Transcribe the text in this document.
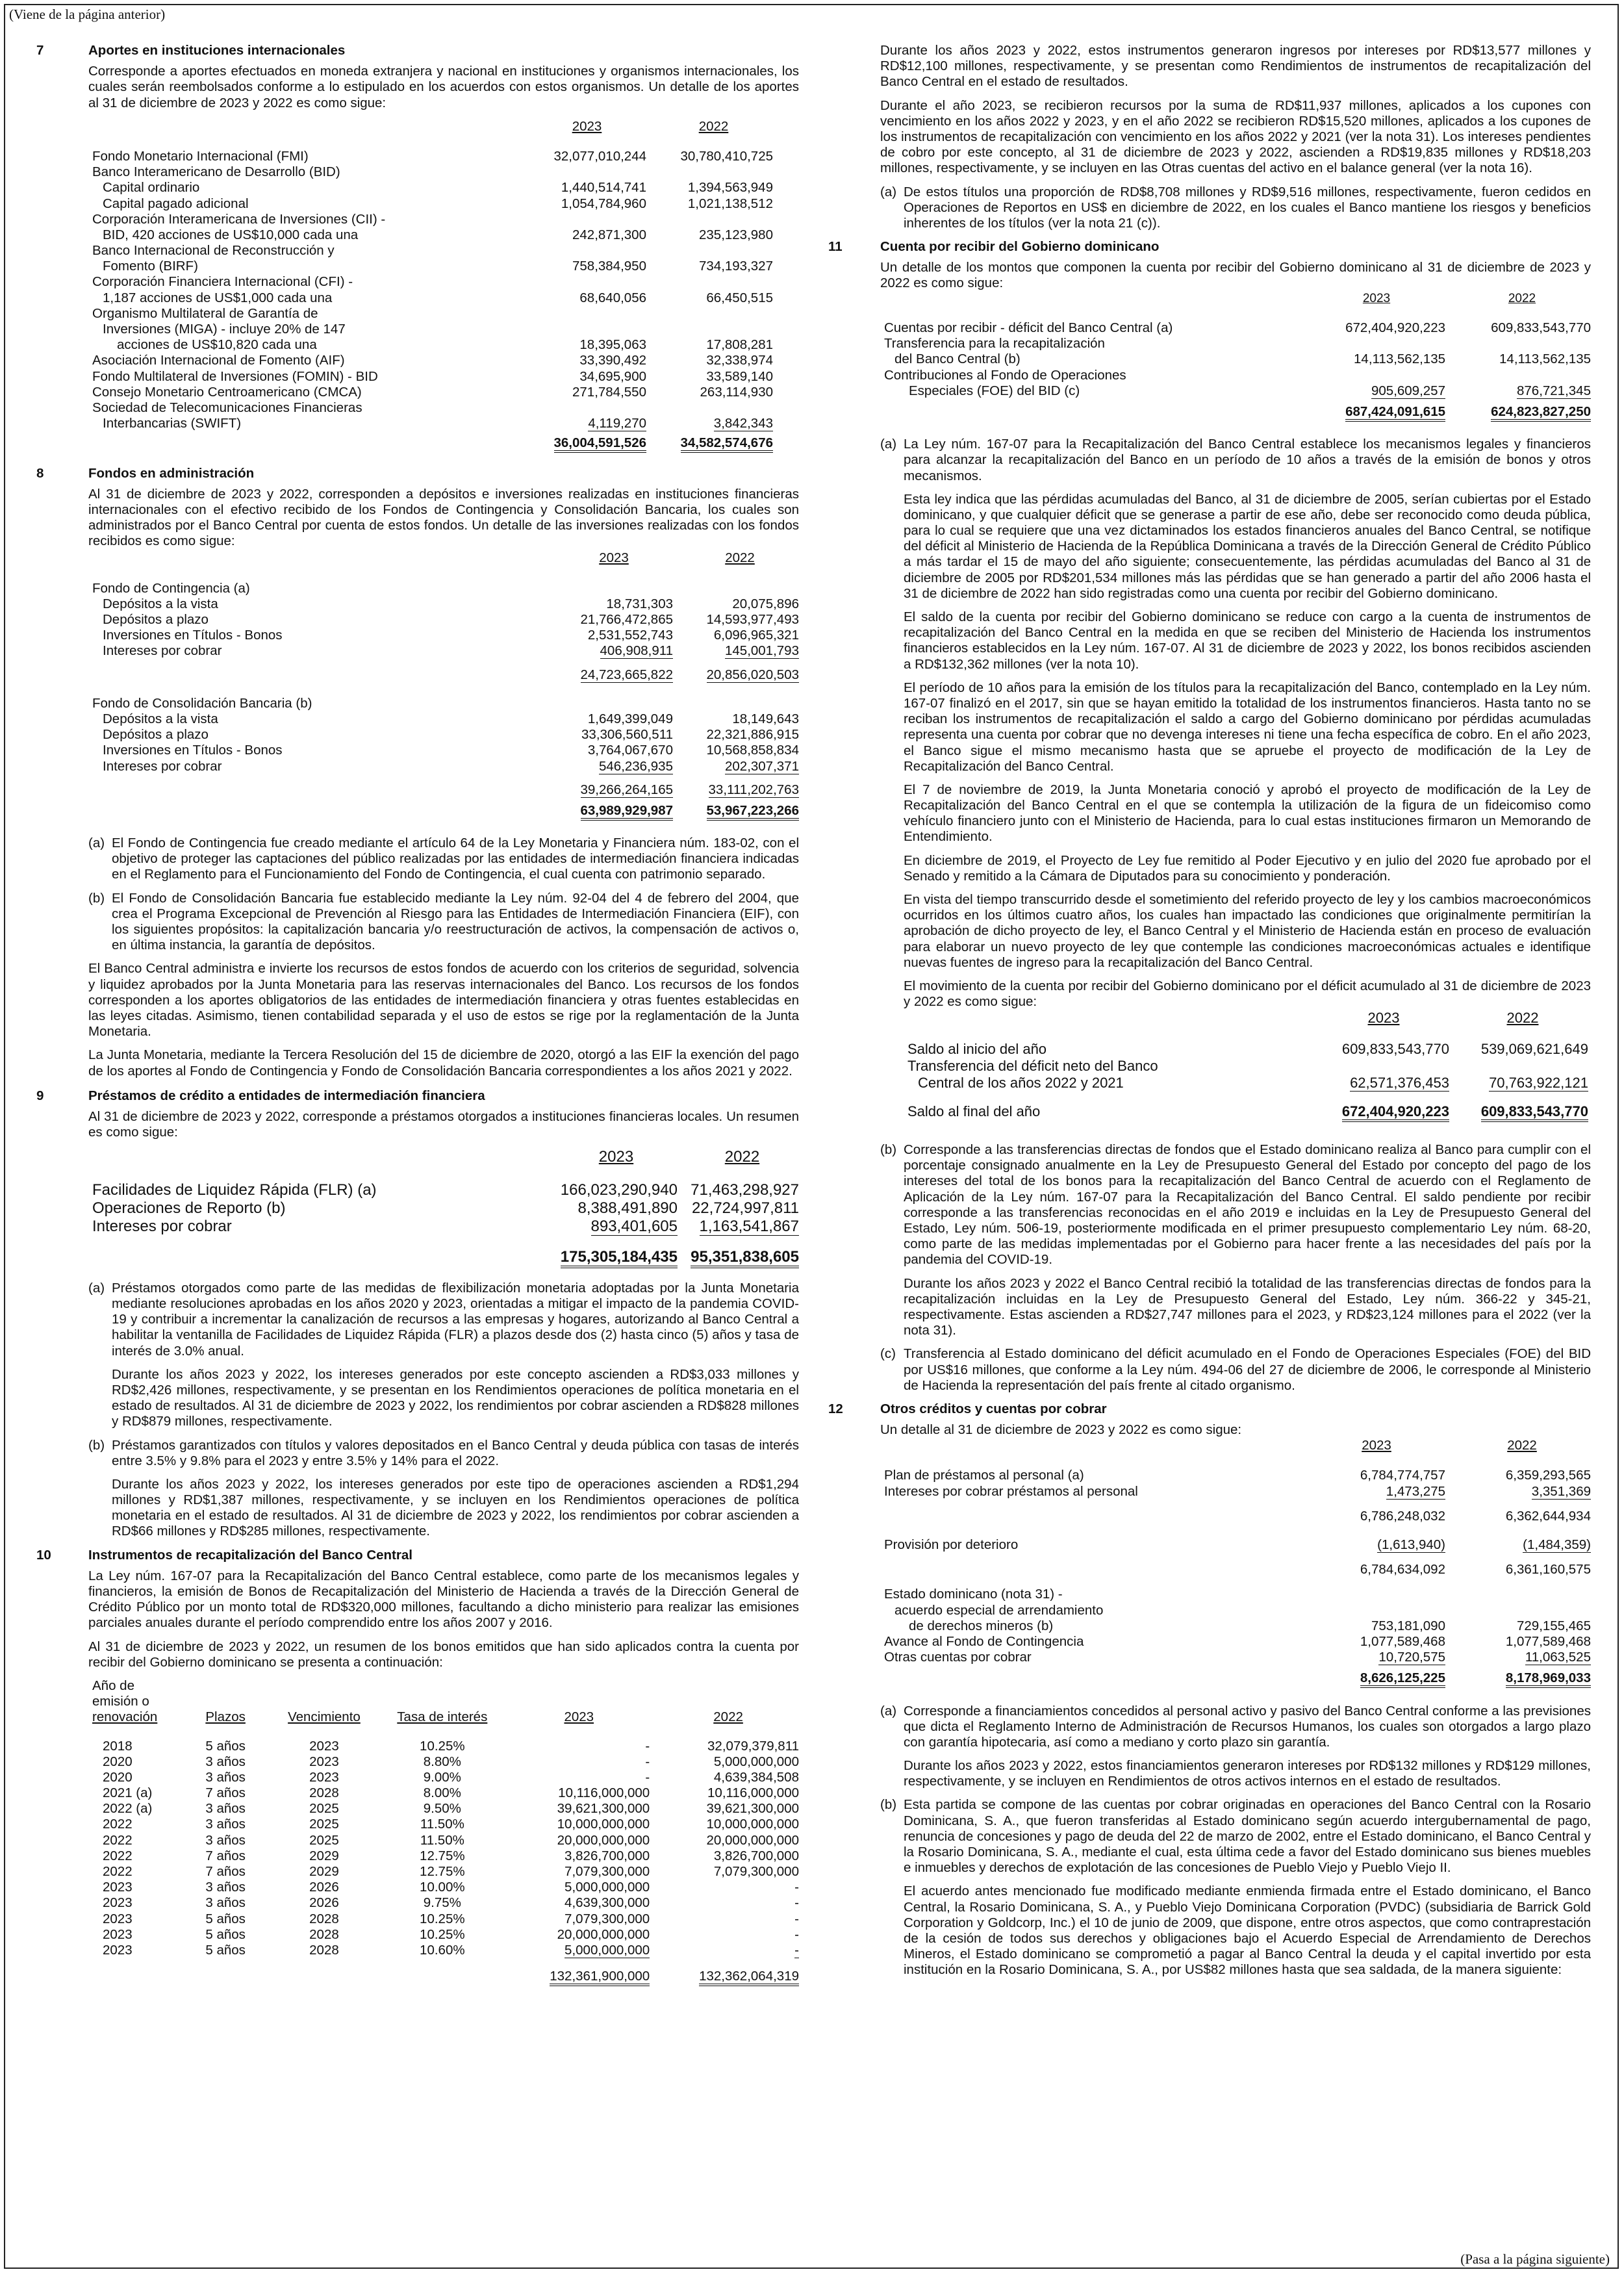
(Viene de la página anterior)
7	Aportes en instituciones internacionales

Corresponde a aportes efectuados en moneda extranjera y nacional en instituciones y organismos internacionales, los cuales serán reembolsados conforme a lo estipulado en los acuerdos con estos organismos. Un detalle de los aportes al 31 de diciembre de 2023 y 2022 es como sigue:

	2023	2022
Fondo Monetario Internacional (FMI)	32,077,010,244	30,780,410,725
Banco Interamericano de Desarrollo (BID)		
Capital ordinario	1,440,514,741	1,394,563,949
Capital pagado adicional	1,054,784,960	1,021,138,512
Corporación Interamericana de Inversiones (CII) -		
BID, 420 acciones de US$10,000 cada una	242,871,300	235,123,980
Banco Internacional de Reconstrucción y		
Fomento (BIRF)	758,384,950	734,193,327
Corporación Financiera Internacional (CFI) -		
1,187 acciones de US$1,000 cada una	68,640,056	66,450,515
Organismo Multilateral de Garantía de		
Inversiones (MIGA) - incluye 20% de 147		
acciones de US$10,820 cada una	18,395,063	17,808,281
Asociación Internacional de Fomento (AIF)	33,390,492	32,338,974
Fondo Multilateral de Inversiones (FOMIN) - BID	34,695,900	33,589,140
Consejo Monetario Centroamericano (CMCA)	271,784,550	263,114,930
Sociedad de Telecomunicaciones Financieras		
Interbancarias (SWIFT)	4,119,270	3,842,343
	36,004,591,526	34,582,574,676
8	Fondos en administración

Al 31 de diciembre de 2023 y 2022, corresponden a depósitos e inversiones realizadas en instituciones financieras internacionales con el efectivo recibido de los Fondos de Contingencia y Consolidación Bancaria, los cuales son administrados por el Banco Central por cuenta de estos fondos. Un detalle de las inversiones realizadas con los fondos recibidos es como sigue:

	2023	2022
Fondo de Contingencia (a)		
Depósitos a la vista	18,731,303	20,075,896
Depósitos a plazo	21,766,472,865	14,593,977,493
Inversiones en Títulos - Bonos	2,531,552,743	6,096,965,321
Intereses por cobrar	406,908,911	145,001,793
	24,723,665,822	20,856,020,503

Fondo de Consolidación Bancaria (b)		
Depósitos a la vista	1,649,399,049	18,149,643
Depósitos a plazo	33,306,560,511	22,321,886,915
Inversiones en Títulos - Bonos	3,764,067,670	10,568,858,834
Intereses por cobrar	546,236,935	202,307,371
	39,266,264,165	33,111,202,763
	63,989,929,987	53,967,223,266
(a) El Fondo de Contingencia fue creado mediante el artículo 64 de la Ley Monetaria y Financiera núm. 183-02, con el objetivo de proteger las captaciones del público realizadas por las entidades de intermediación financiera indicadas en el Reglamento para el Funcionamiento del Fondo de Contingencia, el cual cuenta con patrimonio separado.

(b) El Fondo de Consolidación Bancaria fue establecido mediante la Ley núm. 92-04 del 4 de febrero del 2004, que crea el Programa Excepcional de Prevención al Riesgo para las Entidades de Intermediación Financiera (EIF), con los siguientes propósitos: la capitalización bancaria y/o reestructuración de activos, la compensación de activos o, en última instancia, la garantía de depósitos.

El Banco Central administra e invierte los recursos de estos fondos de acuerdo con los criterios de seguridad, solvencia y liquidez aprobados por la Junta Monetaria para las reservas internacionales del Banco. Los recursos de los fondos corresponden a los aportes obligatorios de las entidades de intermediación financiera y otras fuentes establecidas en las leyes citadas. Asimismo, tienen contabilidad separada y el uso de estos se rige por la reglamentación de la Junta Monetaria.

La Junta Monetaria, mediante la Tercera Resolución del 15 de diciembre de 2020, otorgó a las EIF la exención del pago de los aportes al Fondo de Contingencia y Fondo de Consolidación Bancaria correspondientes a los años 2021 y 2022.

9	Préstamos de crédito a entidades de intermediación financiera

Al 31 de diciembre de 2023 y 2022, corresponde a préstamos otorgados a instituciones financieras locales. Un resumen es como sigue:

	2023	2022
Facilidades de Liquidez Rápida (FLR) (a)	166,023,290,940	71,463,298,927
Operaciones de Reporto (b)	8,388,491,890	22,724,997,811
Intereses por cobrar	893,401,605	1,163,541,867
	175,305,184,435	95,351,838,605
(a) Préstamos otorgados como parte de las medidas de flexibilización monetaria adoptadas por la Junta Monetaria mediante resoluciones aprobadas en los años 2020 y 2023, orientadas a mitigar el impacto de la pandemia COVID-19 y contribuir a incrementar la canalización de recursos a las empresas y hogares, autorizando al Banco Central a habilitar la ventanilla de Facilidades de Liquidez Rápida (FLR) a plazos desde dos (2) hasta cinco (5) años y tasa de interés de 3.0% anual.

Durante los años 2023 y 2022, los intereses generados por este concepto ascienden a RD$3,033 millones y RD$2,426 millones, respectivamente, y se presentan en los Rendimientos operaciones de política monetaria en el estado de resultados. Al 31 de diciembre de 2023 y 2022, los rendimientos por cobrar ascienden a RD$828 millones y RD$879 millones, respectivamente.

(b) Préstamos garantizados con títulos y valores depositados en el Banco Central y deuda pública con tasas de interés entre 3.5% y 9.8% para el 2023 y entre 3.5% y 14% para el 2022.

Durante los años 2023 y 2022, los intereses generados por este tipo de operaciones ascienden a RD$1,294 millones y RD$1,387 millones, respectivamente, y se incluyen en los Rendimientos operaciones de política monetaria en el estado de resultados. Al 31 de diciembre de 2023 y 2022, los rendimientos por cobrar ascienden a RD$66 millones y RD$285 millones, respectivamente.

10	Instrumentos de recapitalización del Banco Central

La Ley núm. 167-07 para la Recapitalización del Banco Central establece, como parte de los mecanismos legales y financieros, la emisión de Bonos de Recapitalización del Ministerio de Hacienda a través de la Dirección General de Crédito Público por un monto total de RD$320,000 millones, facultando a dicho ministerio para realizar las emisiones parciales anuales durante el período comprendido entre los años 2007 y 2016.

Al 31 de diciembre de 2023 y 2022, un resumen de los bonos emitidos que han sido aplicados contra la cuenta por recibir del Gobierno dominicano se presenta a continuación:

Año de
emisión o
renovación	Plazos	Vencimiento	Tasa de interés	2023	2022

2018	5 años	2023	10.25%	-	32,079,379,811
2020	3 años	2023	8.80%	-	5,000,000,000
2020	3 años	2023	9.00%	-	4,639,384,508
2021 (a)	7 años	2028	8.00%	10,116,000,000	10,116,000,000
2022 (a)	3 años	2025	9.50%	39,621,300,000	39,621,300,000
2022	3 años	2025	11.50%	10,000,000,000	10,000,000,000
2022	3 años	2025	11.50%	20,000,000,000	20,000,000,000
2022	7 años	2029	12.75%	3,826,700,000	3,826,700,000
2022	7 años	2029	12.75%	7,079,300,000	7,079,300,000
2023	3 años	2026	10.00%	5,000,000,000	-
2023	3 años	2026	9.75%	4,639,300,000	-
2023	5 años	2028	10.25%	7,079,300,000	-
2023	5 años	2028	10.25%	20,000,000,000	-
2023	5 años	2028	10.60%	5,000,000,000	-
				132,361,900,000	132,362,064,319

Durante los años 2023 y 2022, estos instrumentos generaron ingresos por intereses por RD$13,577 millones y RD$12,100 millones, respectivamente, y se presentan como Rendimientos de instrumentos de recapitalización del Banco Central en el estado de resultados.

Durante el año 2023, se recibieron recursos por la suma de RD$11,937 millones, aplicados a los cupones con vencimiento en los años 2022 y 2023, y en el año 2022 se recibieron RD$15,520 millones, aplicados a los cupones de los instrumentos de recapitalización con vencimiento en los años 2022 y 2021 (ver la nota 31). Los intereses pendientes de cobro por este concepto, al 31 de diciembre de 2023 y 2022, ascienden a RD$19,835 millones y RD$18,203 millones, respectivamente, y se incluyen en las Otras cuentas del activo en el balance general (ver la nota 16).

(a) De estos títulos una proporción de RD$8,708 millones y RD$9,516 millones, respectivamente, fueron cedidos en Operaciones de Reportos en US$ en diciembre de 2022, en los cuales el Banco mantiene los riesgos y beneficios inherentes de los títulos (ver la nota 21 (c)).

11	Cuenta por recibir del Gobierno dominicano

Un detalle de los montos que componen la cuenta por recibir del Gobierno dominicano al 31 de diciembre de 2023 y 2022 es como sigue:

	2023	2022
Cuentas por recibir - déficit del Banco Central (a)	672,404,920,223	609,833,543,770
Transferencia para la recapitalización		
del Banco Central (b)	14,113,562,135	14,113,562,135
Contribuciones al Fondo de Operaciones		
Especiales (FOE) del BID (c)	905,609,257	876,721,345
	687,424,091,615	624,823,827,250
(a) La Ley núm. 167-07 para la Recapitalización del Banco Central establece los mecanismos legales y financieros para alcanzar la recapitalización del Banco en un período de 10 años a través de la emisión de bonos y otros mecanismos.

Esta ley indica que las pérdidas acumuladas del Banco, al 31 de diciembre de 2005, serían cubiertas por el Estado dominicano, y que cualquier déficit que se generase a partir de ese año, debe ser reconocido como deuda pública, para lo cual se requiere que una vez dictaminados los estados financieros anuales del Banco Central, se notifique del déficit al Ministerio de Hacienda de la República Dominicana a través de la Dirección General de Crédito Público a más tardar el 15 de mayo del año siguiente; consecuentemente, las pérdidas acumuladas del Banco al 31 de diciembre de 2005 por RD$201,534 millones más las pérdidas que se han generado a partir del año 2006 hasta el 31 de diciembre de 2022 han sido registradas como una cuenta por recibir del Gobierno dominicano.

El saldo de la cuenta por recibir del Gobierno dominicano se reduce con cargo a la cuenta de instrumentos de recapitalización del Banco Central en la medida en que se reciben del Ministerio de Hacienda los instrumentos financieros establecidos en la Ley núm. 167-07. Al 31 de diciembre de 2023 y 2022, los bonos recibidos ascienden a RD$132,362 millones (ver la nota 10).

El período de 10 años para la emisión de los títulos para la recapitalización del Banco, contemplado en la Ley núm. 167-07 finalizó en el 2017, sin que se hayan emitido la totalidad de los instrumentos financieros. Hasta tanto no se reciban los instrumentos de recapitalización el saldo a cargo del Gobierno dominicano por pérdidas acumuladas representa una cuenta por cobrar que no devenga intereses ni tiene una fecha específica de cobro. En el año 2023, el Banco sigue el mismo mecanismo hasta que se apruebe el proyecto de modificación de la Ley de Recapitalización del Banco Central.

El 7 de noviembre de 2019, la Junta Monetaria conoció y aprobó el proyecto de modificación de la Ley de Recapitalización del Banco Central en el que se contempla la utilización de la figura de un fideicomiso como vehículo financiero junto con el Ministerio de Hacienda, para lo cual estas instituciones firmaron un Memorando de Entendimiento.

En diciembre de 2019, el Proyecto de Ley fue remitido al Poder Ejecutivo y en julio del 2020 fue aprobado por el Senado y remitido a la Cámara de Diputados para su conocimiento y ponderación.

En vista del tiempo transcurrido desde el sometimiento del referido proyecto de ley y los cambios macroeconómicos ocurridos en los últimos cuatro años, los cuales han impactado las condiciones que originalmente permitirían la aprobación de dicho proyecto de ley, el Banco Central y el Ministerio de Hacienda están en proceso de evaluación para elaborar un nuevo proyecto de ley que contemple las condiciones macroeconómicas actuales e identifique nuevas fuentes de ingreso para la recapitalización del Banco Central.

El movimiento de la cuenta por recibir del Gobierno dominicano por el déficit acumulado al 31 de diciembre de 2023 y 2022 es como sigue:

	2023	2022
Saldo al inicio del año	609,833,543,770	539,069,621,649
Transferencia del déficit neto del Banco		
Central de los años 2022 y 2021	62,571,376,453	70,763,922,121
Saldo al final del año	672,404,920,223	609,833,543,770
(b) Corresponde a las transferencias directas de fondos que el Estado dominicano realiza al Banco para cumplir con el porcentaje consignado anualmente en la Ley de Presupuesto General del Estado por concepto del pago de los intereses del total de los bonos para la recapitalización del Banco Central de acuerdo con el Reglamento de Aplicación de la Ley núm. 167-07 para la Recapitalización del Banco Central. El saldo pendiente por recibir corresponde a las transferencias reconocidas en el año 2019 e incluidas en la Ley de Presupuesto General del Estado, Ley núm. 506-19, posteriormente modificada en el primer presupuesto complementario Ley núm. 68-20, como parte de las medidas implementadas por el Gobierno para hacer frente a las necesidades del país por la pandemia del COVID-19.

Durante los años 2023 y 2022 el Banco Central recibió la totalidad de las transferencias directas de fondos para la recapitalización incluidas en la Ley de Presupuesto General del Estado, Ley núm. 366-22 y 345-21, respectivamente. Estas ascienden a RD$27,747 millones para el 2023, y RD$23,124 millones para el 2022 (ver la nota 31).

(c) Transferencia al Estado dominicano del déficit acumulado en el Fondo de Operaciones Especiales (FOE) del BID por US$16 millones, que conforme a la Ley núm. 494-06 del 27 de diciembre de 2006, le corresponde al Ministerio de Hacienda la representación del país frente al citado organismo.

12	Otros créditos y cuentas por cobrar

Un detalle al 31 de diciembre de 2023 y 2022 es como sigue:

	2023	2022
Plan de préstamos al personal (a)	6,784,774,757	6,359,293,565
Intereses por cobrar préstamos al personal	1,473,275	3,351,369
	6,786,248,032	6,362,644,934
Provisión por deterioro	(1,613,940)	(1,484,359)
	6,784,634,092	6,361,160,575
Estado dominicano (nota 31) -		
acuerdo especial de arrendamiento		
de derechos mineros (b)	753,181,090	729,155,465
Avance al Fondo de Contingencia	1,077,589,468	1,077,589,468
Otras cuentas por cobrar	10,720,575	11,063,525
	8,626,125,225	8,178,969,033
(a) Corresponde a financiamientos concedidos al personal activo y pasivo del Banco Central conforme a las previsiones que dicta el Reglamento Interno de Administración de Recursos Humanos, los cuales son otorgados a largo plazo con garantía hipotecaria, así como a mediano y corto plazo sin garantía.

Durante los años 2023 y 2022, estos financiamientos generaron intereses por RD$132 millones y RD$129 millones, respectivamente, y se incluyen en Rendimientos de otros activos internos en el estado de resultados.

(b) Esta partida se compone de las cuentas por cobrar originadas en operaciones del Banco Central con la Rosario Dominicana, S. A., que fueron transferidas al Estado dominicano según acuerdo intergubernamental de pago, renuncia de concesiones y pago de deuda del 22 de marzo de 2002, entre el Estado dominicano, el Banco Central y la Rosario Dominicana, S. A., mediante el cual, esta última cede a favor del Estado dominicano sus bienes muebles e inmuebles y derechos de explotación de las concesiones de Pueblo Viejo y Pueblo Viejo II.

El acuerdo antes mencionado fue modificado mediante enmienda firmada entre el Estado dominicano, el Banco Central, la Rosario Dominicana, S. A., y Pueblo Viejo Dominicana Corporation (PVDC) (subsidiaria de Barrick Gold Corporation y Goldcorp, Inc.) el 10 de junio de 2009, que dispone, entre otros aspectos, que como contraprestación de la cesión de todos sus derechos y obligaciones bajo el Acuerdo Especial de Arrendamiento de Derechos Mineros, el Estado dominicano se comprometió a pagar al Banco Central la deuda y el capital invertido por esta institución en la Rosario Dominicana, S. A., por US$82 millones hasta que sea saldada, de la manera siguiente:

(Pasa a la página siguiente)
